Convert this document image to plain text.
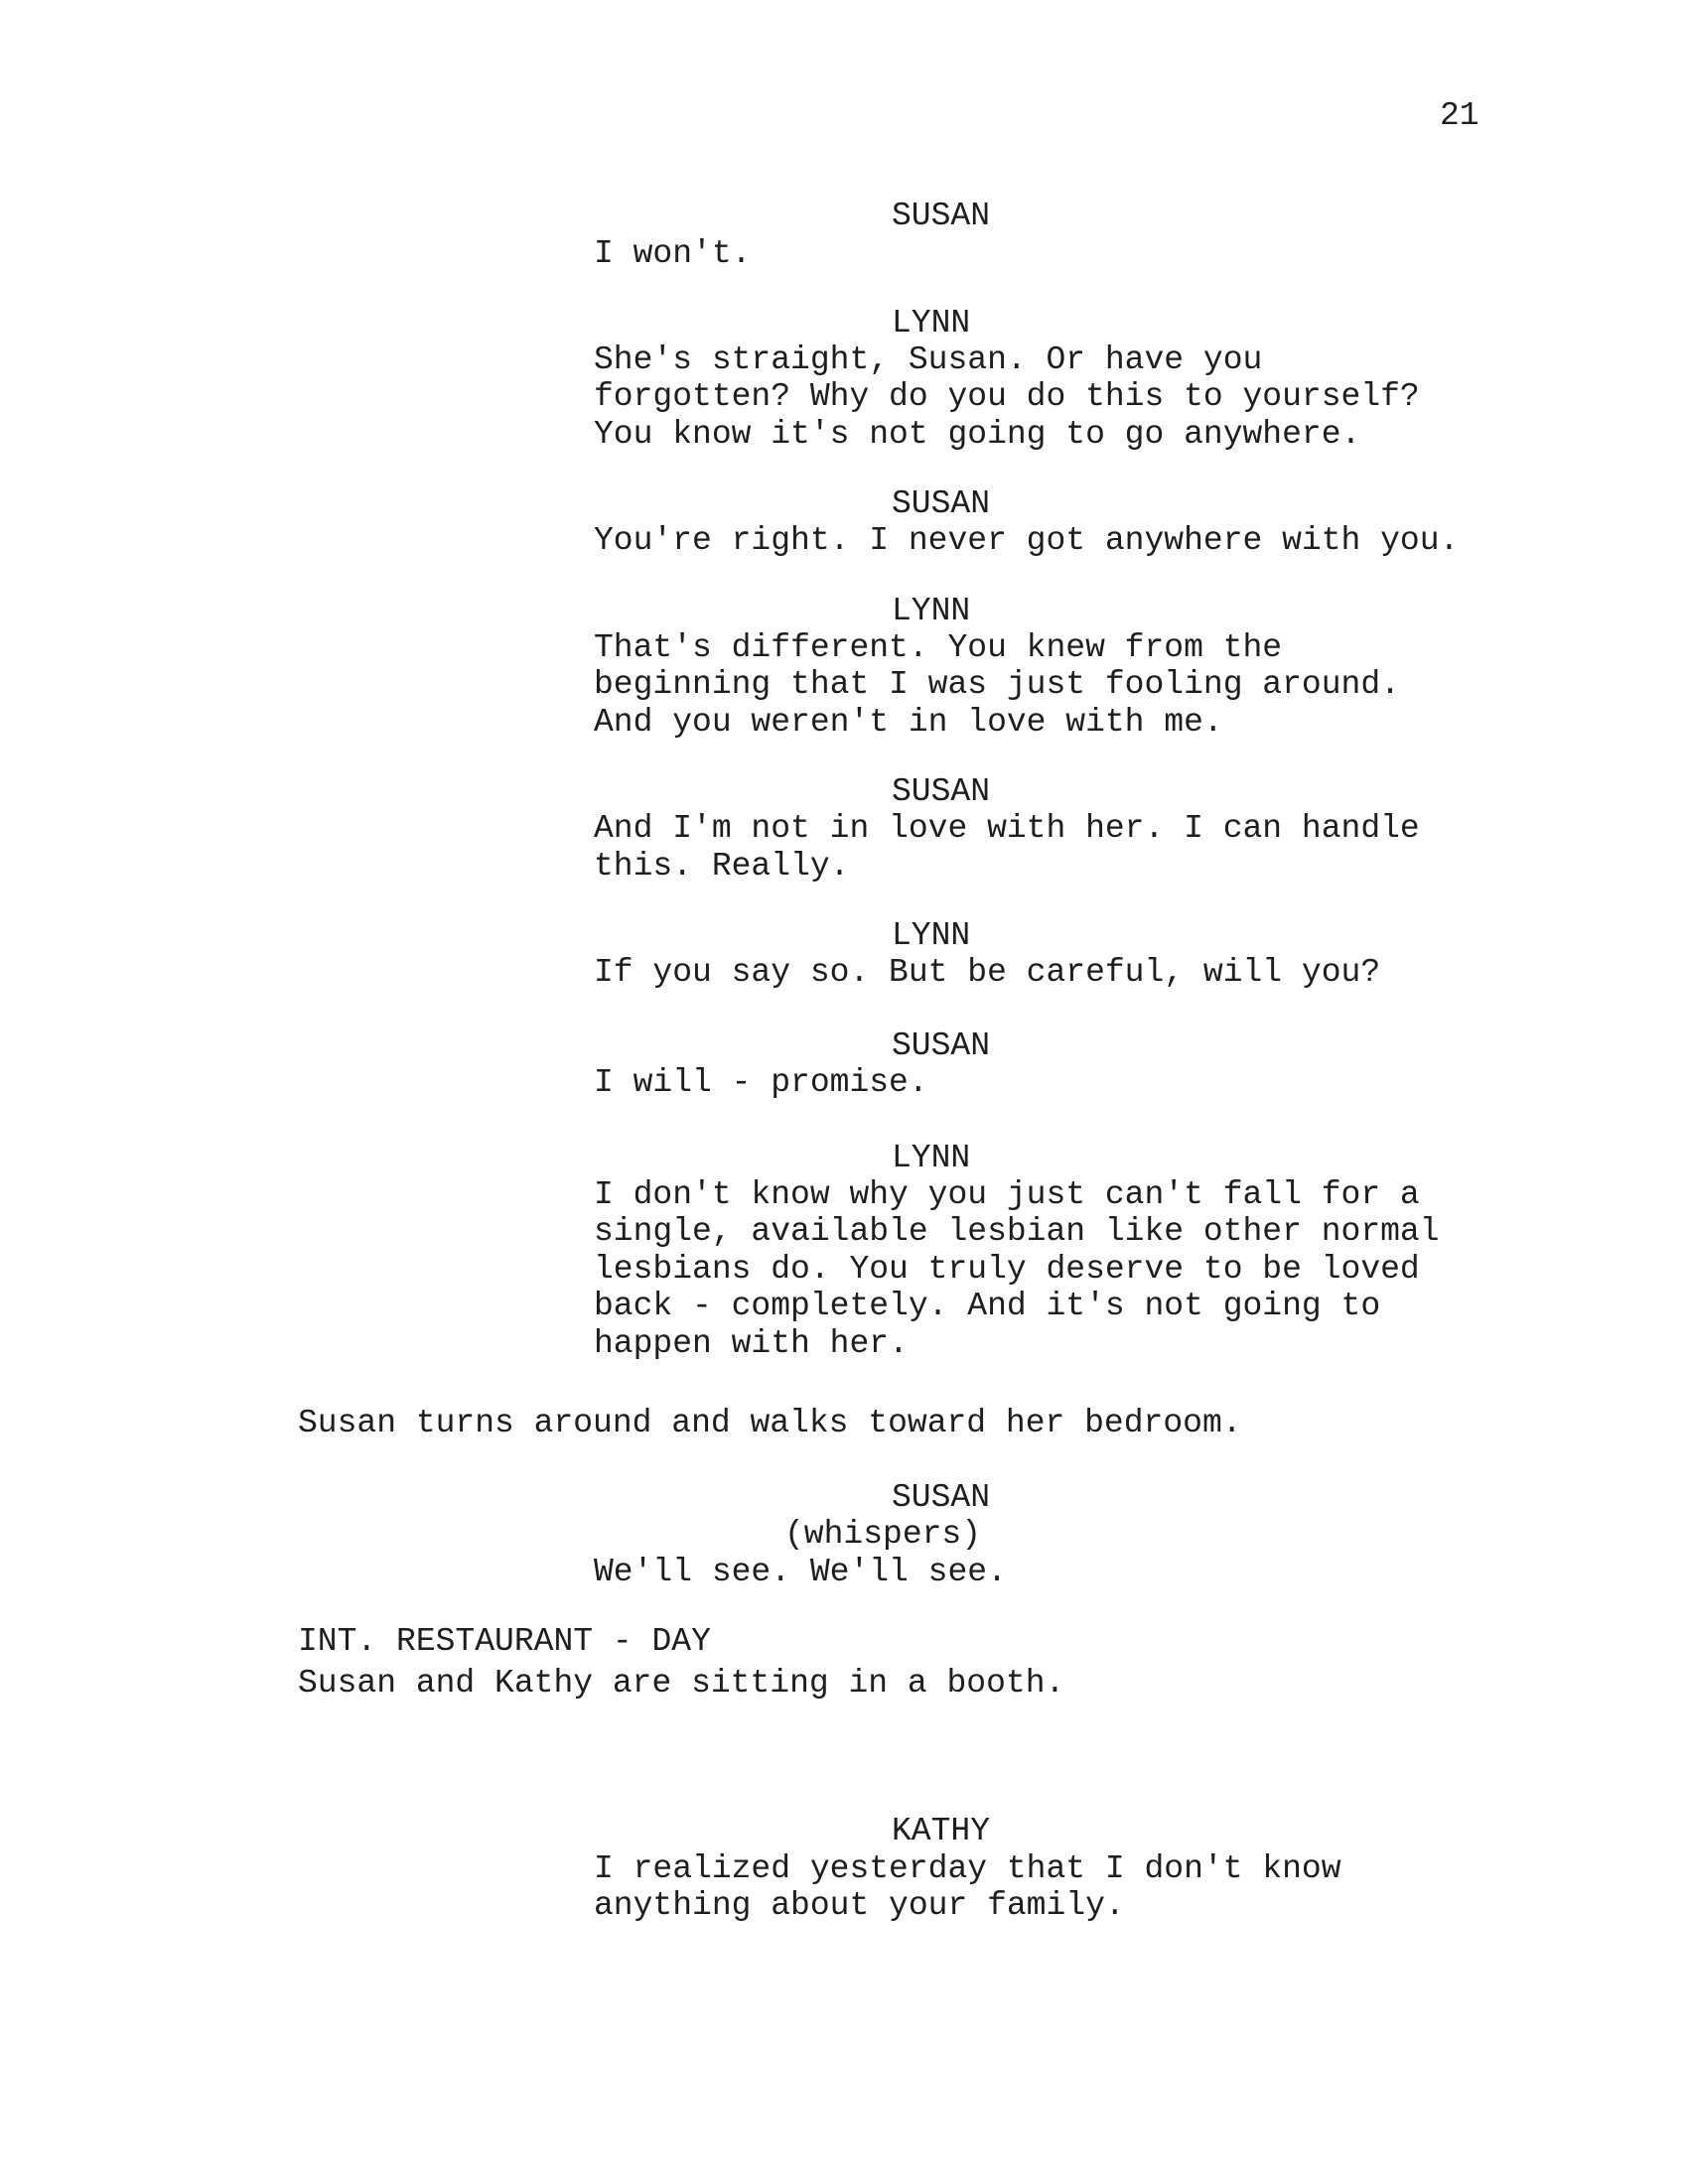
21
SUSAN
I won't.
LYNN
She's straight, Susan. Or have you
forgotten? Why do you do this to yourself?
You know it's not going to go anywhere.
SUSAN
You're right. I never got anywhere with you.
LYNN
That's different. You knew from the
beginning that I was just fooling around.
And you weren't in love with me.
SUSAN
And I'm not in love with her. I can handle
this. Really.
LYNN
If you say so. But be careful, will you?
SUSAN
I will - promise.
LYNN
I don't know why you just can't fall for a
single, available lesbian like other normal
lesbians do. You truly deserve to be loved
back - completely. And it's not going to
happen with her.
Susan turns around and walks toward her bedroom.
SUSAN
(whispers)
We'll see. We'll see.
INT. RESTAURANT - DAY
Susan and Kathy are sitting in a booth.
KATHY
I realized yesterday that I don't know
anything about your family.
